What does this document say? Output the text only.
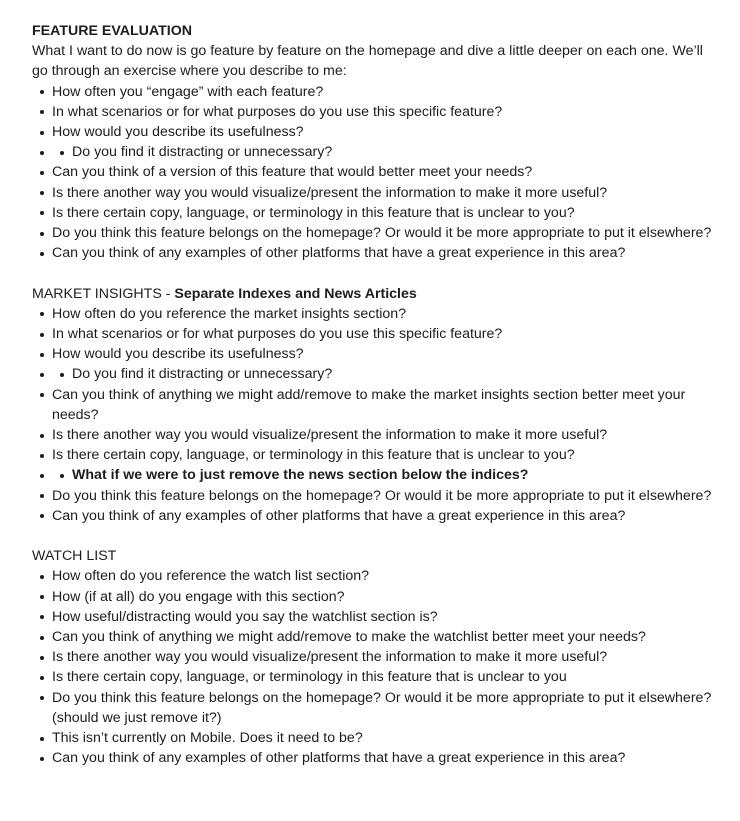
FEATURE EVALUATION

What I want to do now is go feature by feature on the homepage and dive a little deeper on each one. We’ll go through an exercise where you describe to me:

How often you “engage” with each feature?
In what scenarios or for what purposes do you use this specific feature?
How would you describe its usefulness?
Do you find it distracting or unnecessary?
Can you think of a version of this feature that would better meet your needs?
Is there another way you would visualize/present the information to make it more useful?
Is there certain copy, language, or terminology in this feature that is unclear to you?
Do you think this feature belongs on the homepage? Or would it be more appropriate to put it elsewhere?
Can you think of any examples of other platforms that have a great experience in this area?

MARKET INSIGHTS - Separate Indexes and News Articles

How often do you reference the market insights section?
In what scenarios or for what purposes do you use this specific feature?
How would you describe its usefulness?
Do you find it distracting or unnecessary?
Can you think of anything we might add/remove to make the market insights section better meet your needs?
Is there another way you would visualize/present the information to make it more useful?
Is there certain copy, language, or terminology in this feature that is unclear to you?
What if we were to just remove the news section below the indices?
Do you think this feature belongs on the homepage? Or would it be more appropriate to put it elsewhere?
Can you think of any examples of other platforms that have a great experience in this area?

WATCH LIST

How often do you reference the watch list section?
How (if at all) do you engage with this section?
How useful/distracting would you say the watchlist section is?
Can you think of anything we might add/remove to make the watchlist better meet your needs?
Is there another way you would visualize/present the information to make it more useful?
Is there certain copy, language, or terminology in this feature that is unclear to you
Do you think this feature belongs on the homepage? Or would it be more appropriate to put it elsewhere? (should we just remove it?)
This isn’t currently on Mobile. Does it need to be?
Can you think of any examples of other platforms that have a great experience in this area?
